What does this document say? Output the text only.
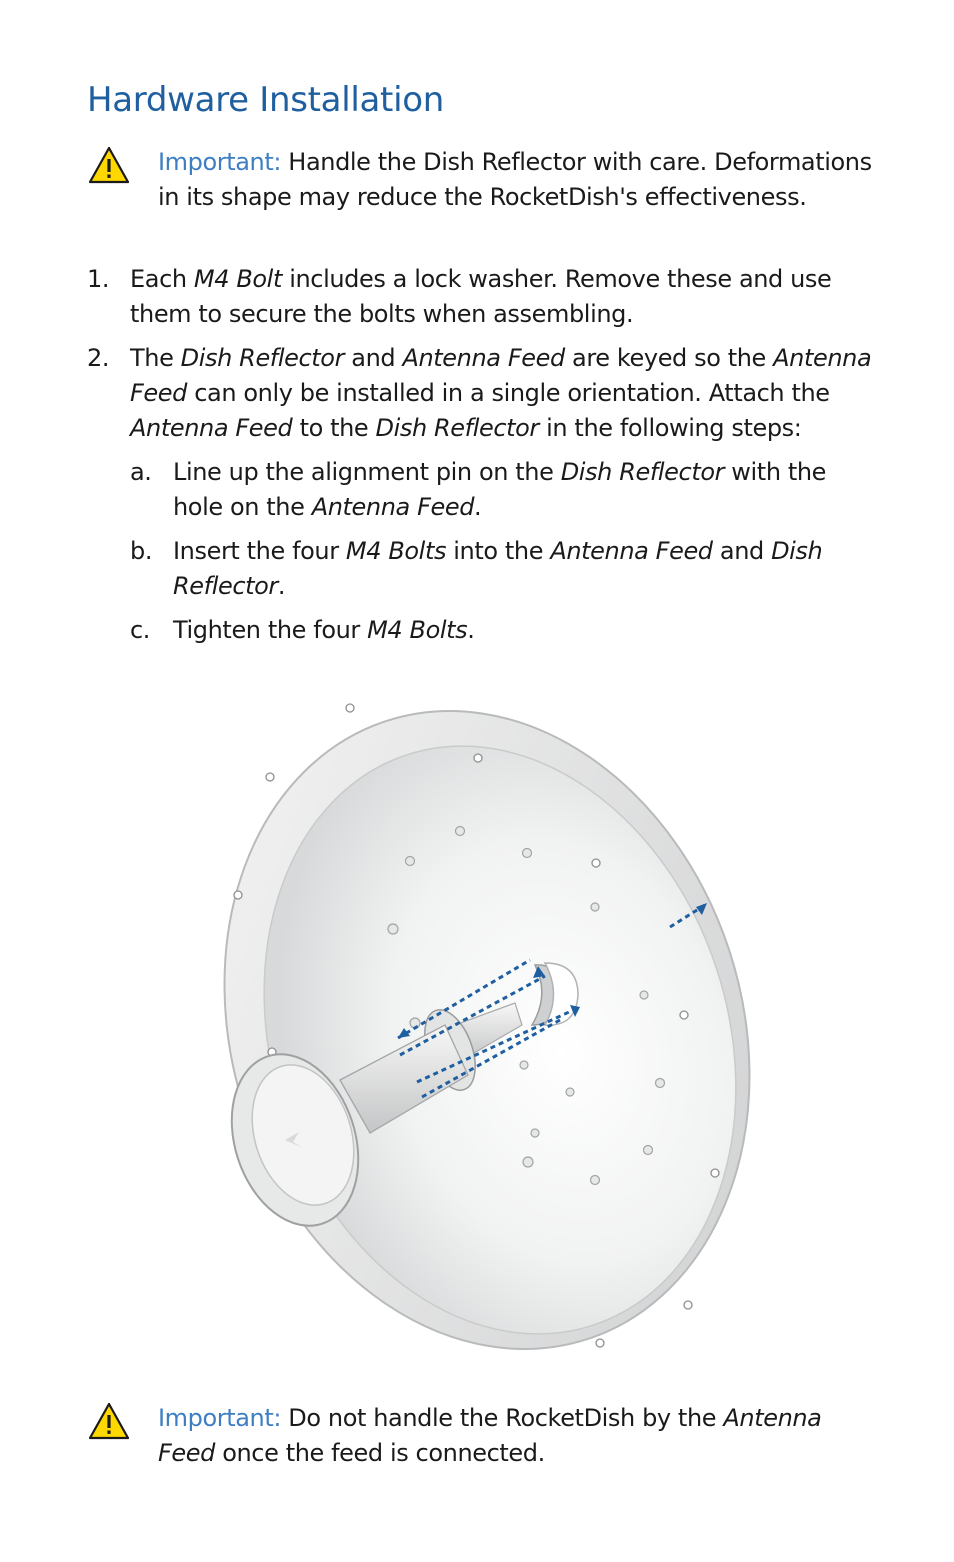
Hardware Installation

Important: Handle the Dish Reflector with care. Deformations in its shape may reduce the RocketDish's effectiveness.

1. Each M4 Bolt includes a lock washer. Remove these and use them to secure the bolts when assembling.
2. The Dish Reflector and Antenna Feed are keyed so the Antenna Feed can only be installed in a single orientation. Attach the Antenna Feed to the Dish Reflector in the following steps:
a. Line up the alignment pin on the Dish Reflector with the hole on the Antenna Feed.
b. Insert the four M4 Bolts into the Antenna Feed and Dish Reflector.
c. Tighten the four M4 Bolts.

Important: Do not handle the RocketDish by the Antenna Feed once the feed is connected.
